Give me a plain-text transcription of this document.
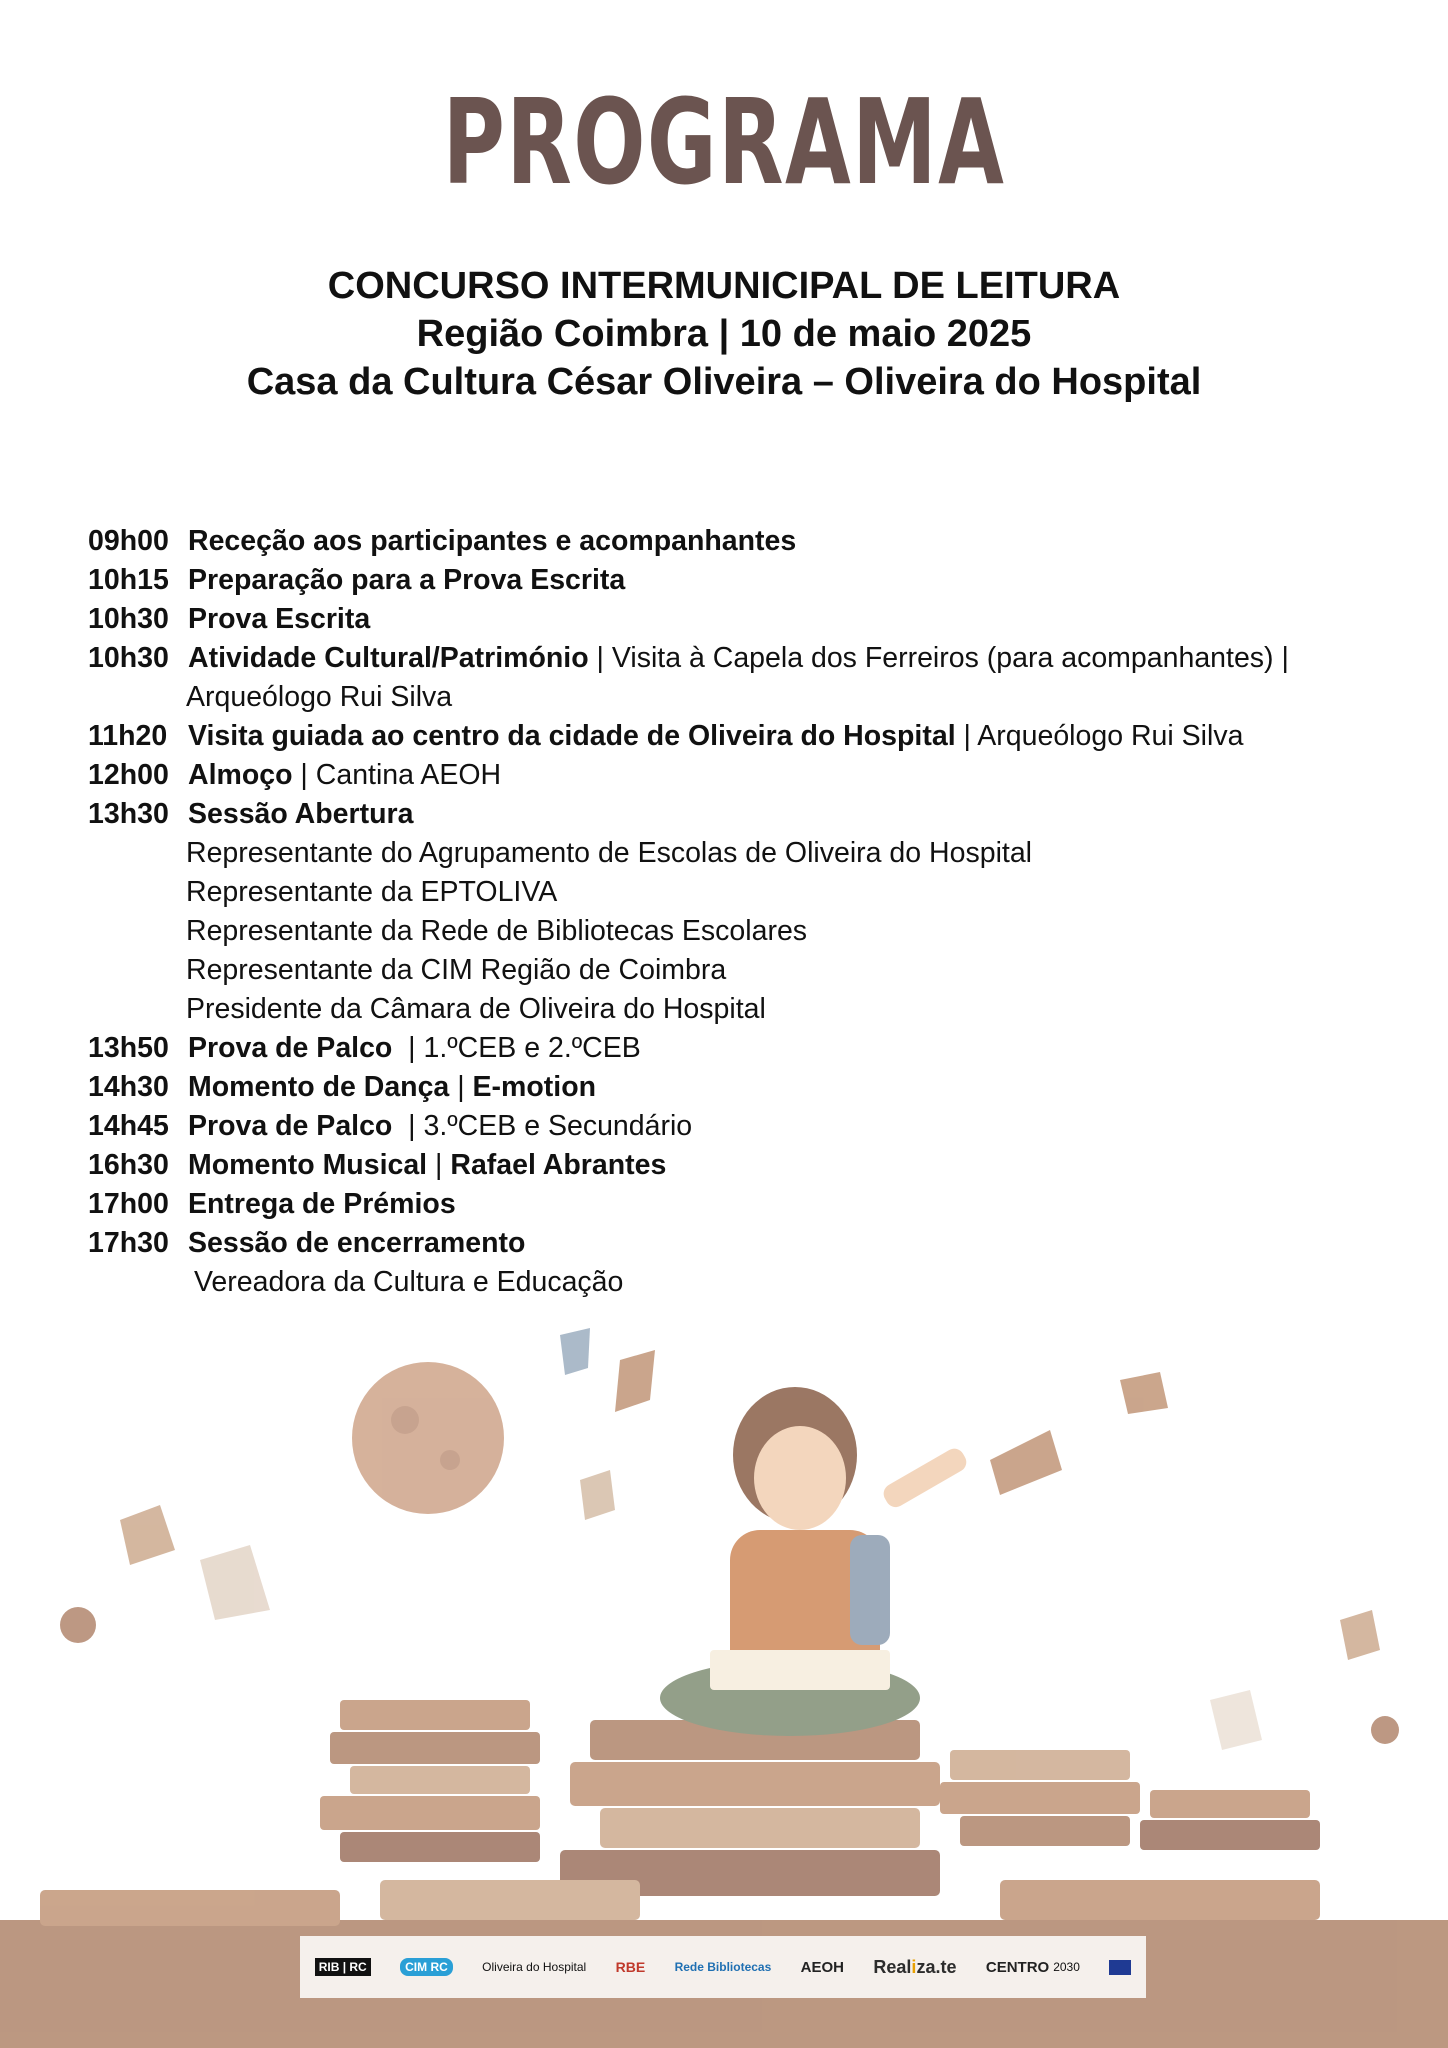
PROGRAMA
CONCURSO INTERMUNICIPAL DE LEITURA
Região Coimbra | 10 de maio 2025
Casa da Cultura César Oliveira – Oliveira do Hospital
09h00 Receção aos participantes e acompanhantes
10h15 Preparação para a Prova Escrita
10h30 Prova Escrita
10h30 Atividade Cultural/Património | Visita à Capela dos Ferreiros (para acompanhantes) |
Arqueólogo Rui Silva
11h20 Visita guiada ao centro da cidade de Oliveira do Hospital | Arqueólogo Rui Silva
12h00 Almoço | Cantina AEOH
13h30 Sessão Abertura
Representante do Agrupamento de Escolas de Oliveira do Hospital
Representante da EPTOLIVA
Representante da Rede de Bibliotecas Escolares
Representante da CIM Região de Coimbra
Presidente da Câmara de Oliveira do Hospital
13h50 Prova de Palco  | 1.ºCEB e 2.ºCEB
14h30 Momento de Dança | E-motion
14h45 Prova de Palco  | 3.ºCEB e Secundário
16h30 Momento Musical | Rafael Abrantes
17h00 Entrega de Prémios
17h30 Sessão de encerramento
Vereadora da Cultura e Educação
RIB | RC	CIM RC	Oliveira do Hospital RBE Rede Bibliotecas AEOH Realiza.te CENTRO 2030
